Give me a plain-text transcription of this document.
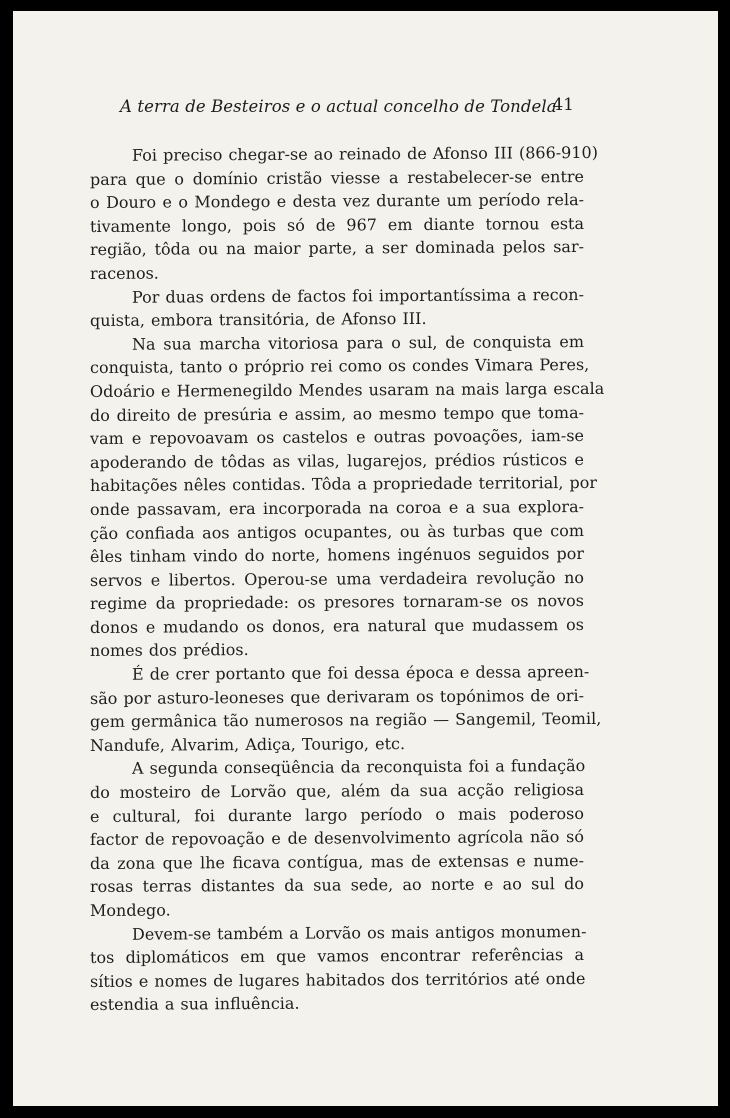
A terra de Besteiros e o actual concelho de Tondela
41
Foi preciso chegar-se ao reinado de Afonso III (866-910)
para que o domínio cristão viesse a restabelecer-se entre
o Douro e o Mondego e desta vez durante um período rela-
tivamente longo, pois só de 967 em diante tornou esta
região, tôda ou na maior parte, a ser dominada pelos sar-
racenos.
Por duas ordens de factos foi importantíssima a recon-
quista, embora transitória, de Afonso III.
Na sua marcha vitoriosa para o sul, de conquista em
conquista, tanto o próprio rei como os condes Vimara Peres,
Odoário e Hermenegildo Mendes usaram na mais larga escala
do direito de presúria e assim, ao mesmo tempo que toma-
vam e repovoavam os castelos e outras povoações, iam-se
apoderando de tôdas as vilas, lugarejos, prédios rústicos e
habitações nêles contidas. Tôda a propriedade territorial, por
onde passavam, era incorporada na coroa e a sua explora-
ção confiada aos antigos ocupantes, ou às turbas que com
êles tinham vindo do norte, homens ingénuos seguidos por
servos e libertos. Operou-se uma verdadeira revolução no
regime da propriedade: os presores tornaram-se os novos
donos e mudando os donos, era natural que mudassem os
nomes dos prédios.
É de crer portanto que foi dessa época e dessa apreen-
são por asturo-leoneses que derivaram os topónimos de ori-
gem germânica tão numerosos na região — Sangemil, Teomil,
Nandufe, Alvarim, Adiça, Tourigo, etc.
A segunda conseqüência da reconquista foi a fundação
do mosteiro de Lorvão que, além da sua acção religiosa
e cultural, foi durante largo período o mais poderoso
factor de repovoação e de desenvolvimento agrícola não só
da zona que lhe ficava contígua, mas de extensas e nume-
rosas terras distantes da sua sede, ao norte e ao sul do
Mondego.
Devem-se também a Lorvão os mais antigos monumen-
tos diplomáticos em que vamos encontrar referências a
sítios e nomes de lugares habitados dos territórios até onde
estendia a sua influência.
